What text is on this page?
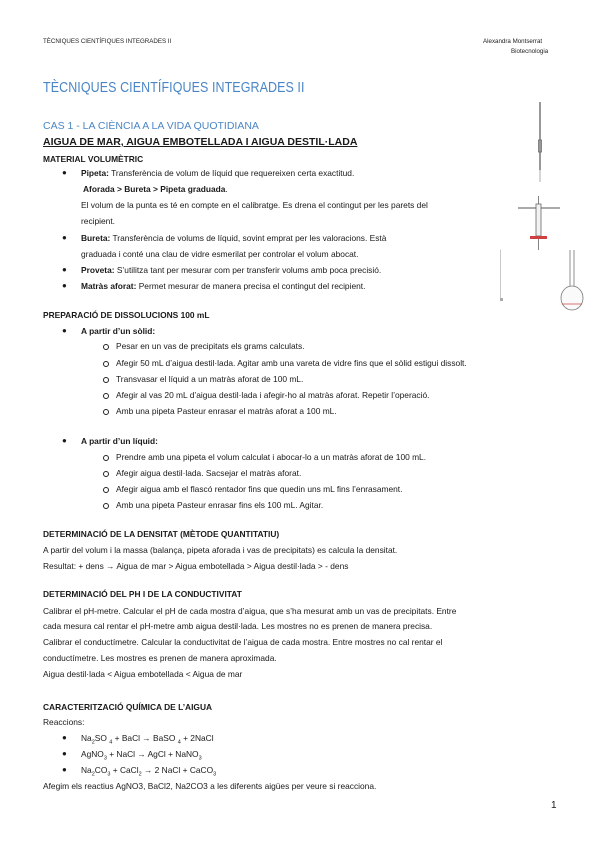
TÈCNIQUES CIENTÍFIQUES INTEGRADES II	Alexandra Montserrat
Biotecnologia
TÈCNIQUES CIENTÍFIQUES INTEGRADES II
CAS 1 - LA CIÈNCIA A LA VIDA QUOTIDIANA
AIGUA DE MAR, AIGUA EMBOTELLADA I AIGUA DESTIL·LADA
MATERIAL VOLUMÈTRIC
● Pipeta: Transferència de volum de líquid que requereixen certa exactitud.
Aforada > Bureta > Pipeta graduada.
El volum de la punta es té en compte en el calibratge. Es drena el contingut per les parets del
recipient.
● Bureta: Transferència de volums de líquid, sovint emprat per les valoracions. Està
graduada i conté una clau de vidre esmerilat per controlar el volum abocat.
● Proveta: S’utilitza tant per mesurar com per transferir volums amb poca precisió.
● Matràs aforat: Permet mesurar de manera precisa el contingut del recipient.
PREPARACIÓ DE DISSOLUCIONS 100 mL
● A partir d’un sòlid:
Pesar en un vas de precipitats els grams calculats.
Afegir 50 mL d’aigua destil·lada. Agitar amb una vareta de vidre fins que el sòlid estigui dissolt.
Transvasar el líquid a un matràs aforat de 100 mL.
Afegir al vas 20 mL d’aigua destil·lada i afegir-ho al matràs aforat. Repetir l’operació.
Amb una pipeta Pasteur enrasar el matràs aforat a 100 mL.
● A partir d’un líquid:
Prendre amb una pipeta el volum calculat i abocar-lo a un matràs aforat de 100 mL.
Afegir aigua destil·lada. Sacsejar el matràs aforat.
Afegir aigua amb el flascó rentador fins que quedin uns mL fins l’enrasament.
Amb una pipeta Pasteur enrasar fins els 100 mL. Agitar.
DETERMINACIÓ DE LA DENSITAT (MÈTODE QUANTITATIU)
A partir del volum i la massa (balança, pipeta aforada i vas de precipitats) es calcula la densitat.
Resultat: + dens → Aigua de mar > Aigua embotellada > Aigua destil·lada > - dens
DETERMINACIÓ DEL PH I DE LA CONDUCTIVITAT
Calibrar el pH-metre. Calcular el pH de cada mostra d’aigua, que s’ha mesurat amb un vas de precipitats. Entre
cada mesura cal rentar el pH-metre amb aigua destil·lada. Les mostres no es prenen de manera precisa.
Calibrar el conductímetre. Calcular la conductivitat de l’aigua de cada mostra. Entre mostres no cal rentar el
conductímetre. Les mostres es prenen de manera aproximada.
Aigua destil·lada < Aigua embotellada < Aigua de mar
CARACTERITZACIÓ QUÍMICA DE L’AIGUA
Reaccions:
● $Na_2SO$ $_4$ + BaCl → BaSO $_4$ + 2NaCl
● AgNO$_3$ + NaCl → AgCl + NaNO$_3$
● $Na_2CO_3$ + CaCl$_2$ → 2 NaCl + CaCO$_3$
Afegim els reactius AgNO3, BaCl2, Na2CO3 a les diferents aigües per veure si reacciona.
1
